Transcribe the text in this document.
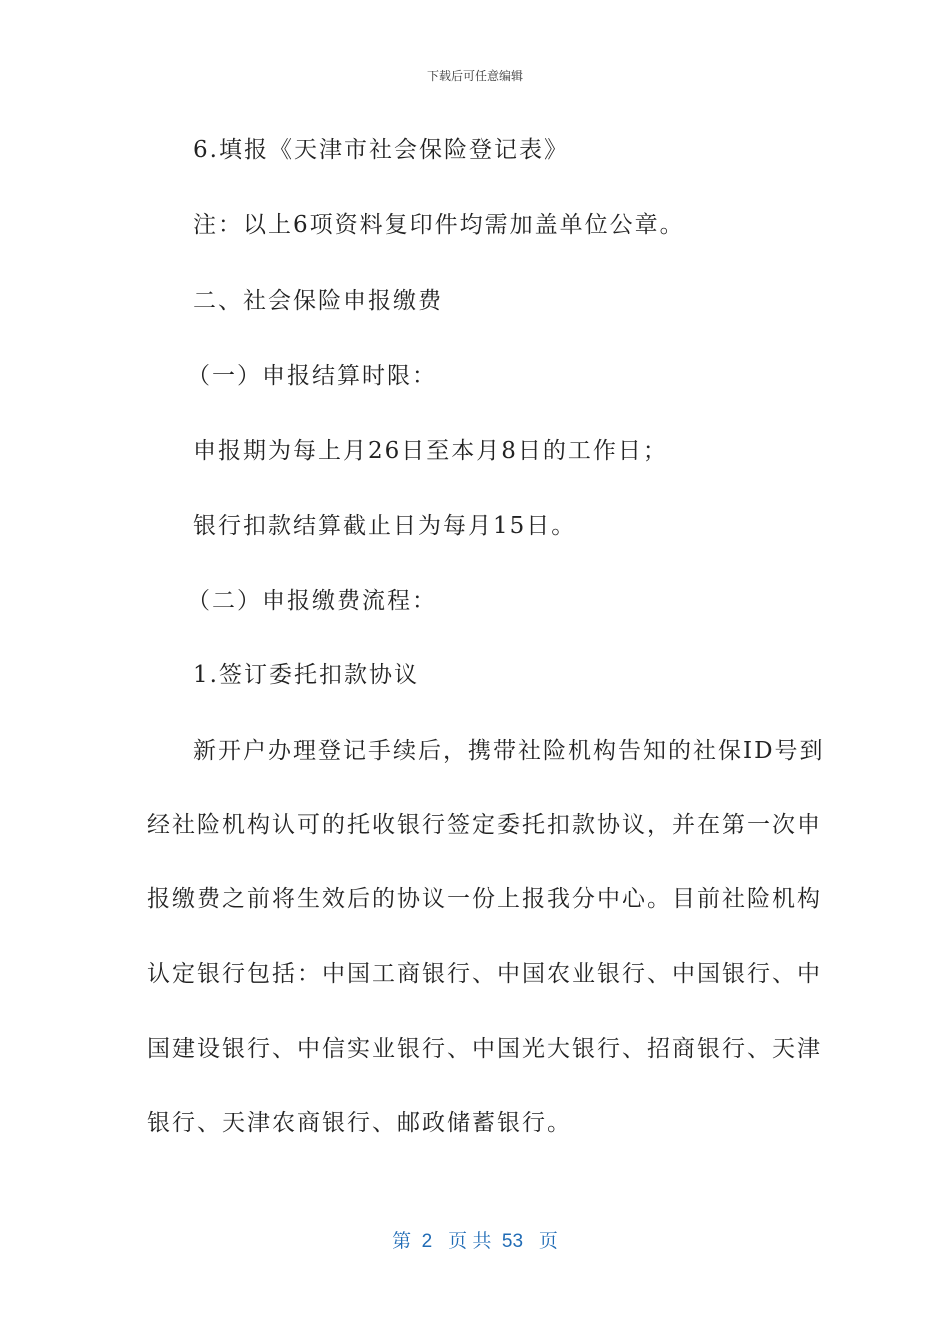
下载后可任意编辑
6.填报《天津市社会保险登记表》
注：以上6项资料复印件均需加盖单位公章。
二、社会保险申报缴费
（一）申报结算时限：
申报期为每上月26日至本月8日的工作日；
银行扣款结算截止日为每月15日。
（二）申报缴费流程：
1.签订委托扣款协议
新开户办理登记手续后，携带社险机构告知的社保ID号到
经社险机构认可的托收银行签定委托扣款协议，并在第一次申
报缴费之前将生效后的协议一份上报我分中心。目前社险机构
认定银行包括：中国工商银行、中国农业银行、中国银行、中
国建设银行、中信实业银行、中国光大银行、招商银行、天津
银行、天津农商银行、邮政储蓄银行。
第  2   页 共  53   页
